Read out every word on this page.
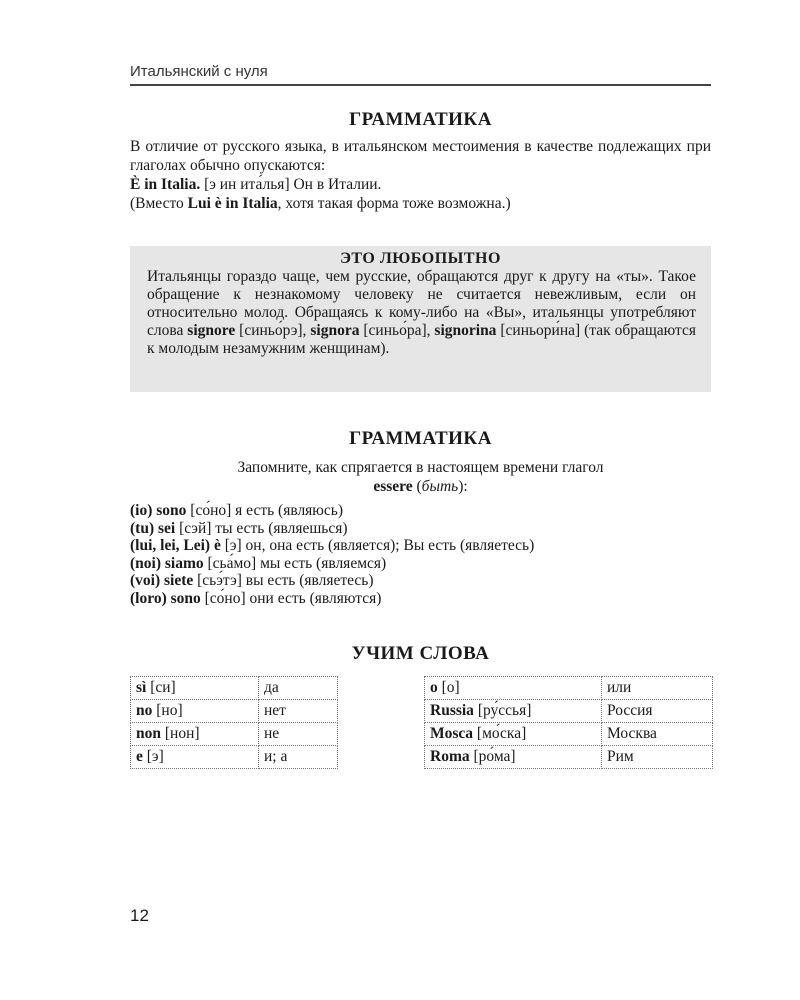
Итальянский с нуля
ГРАММАТИКА

В отличие от русского языка, в итальянском местоимения в качестве подлежащих при глаголах обычно опускаются:

È in Italia. [э ин ита́лья] Он в Италии.

(Вместо Lui è in Italia, хотя такая форма тоже возможна.)

ЭТО ЛЮБОПЫТНО
Итальянцы гораздо чаще, чем русские, обращаются друг к другу на «ты». Такое обращение к незнакомому человеку не считается невежливым, если он относительно молод. Обращаясь к кому-либо на «Вы», итальянцы употребляют слова signore [синьо́рэ], signora [синьо́ра], signorina [синьори́на] (так обращаются к молодым незамужним женщинам).
ГРАММАТИКА
Запомните, как спрягается в настоящем времени глагол
essere (быть):
(io) sono [со́но] я есть (являюсь)
(tu) sei [сэй] ты есть (являешься)
(lui, lei, Lei) è [э] он, она есть (является); Вы есть (являетесь)
(noi) siamo [сьа́мо] мы есть (являемся)
(voi) siete [сьэ́тэ] вы есть (являетесь)
(loro) sono [со́но] они есть (являются)
УЧИМ СЛОВА
sì [си]	да
no [но]	нет
non [нон]	не
e [э]	и; а
o [о]	или
Russia [ру́ссья]	Россия
Mosca [мо́ска]	Москва
Roma [ро́ма]	Рим
12
